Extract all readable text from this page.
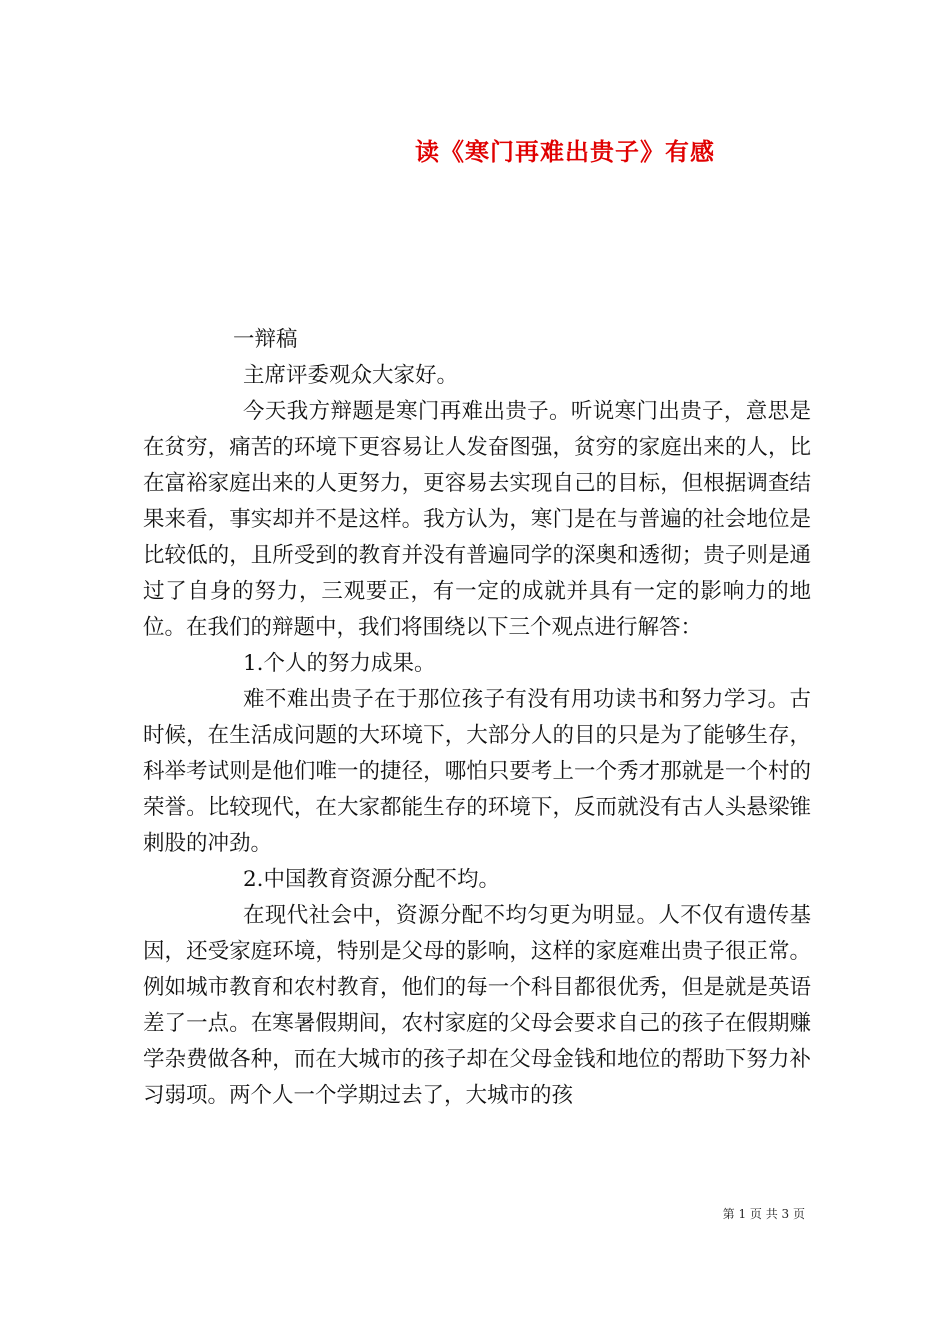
读《寒门再难出贵子》有感

一辩稿

主席评委观众大家好。

今天我方辩题是寒门再难出贵子。听说寒门出贵子，意思是在贫穷，痛苦的环境下更容易让人发奋图强，贫穷的家庭出来的人，比在富裕家庭出来的人更努力，更容易去实现自己的目标，但根据调查结果来看，事实却并不是这样。我方认为，寒门是在与普遍的社会地位是比较低的，且所受到的教育并没有普遍同学的深奥和透彻；贵子则是通过了自身的努力，三观要正，有一定的成就并具有一定的影响力的地位。在我们的辩题中，我们将围绕以下三个观点进行解答：

1.个人的努力成果。

难不难出贵子在于那位孩子有没有用功读书和努力学习。古时候，在生活成问题的大环境下，大部分人的目的只是为了能够生存，科举考试则是他们唯一的捷径，哪怕只要考上一个秀才那就是一个村的荣誉。比较现代，在大家都能生存的环境下，反而就没有古人头悬梁锥刺股的冲劲。

2.中国教育资源分配不均。

在现代社会中，资源分配不均匀更为明显。人不仅有遗传基因，还受家庭环境，特别是父母的影响，这样的家庭难出贵子很正常。例如城市教育和农村教育，他们的每一个科目都很优秀，但是就是英语差了一点。在寒暑假期间，农村家庭的父母会要求自己的孩子在假期赚学杂费做各种，而在大城市的孩子却在父母金钱和地位的帮助下努力补习弱项。两个人一个学期过去了，大城市的孩

第 1 页 共 3 页
